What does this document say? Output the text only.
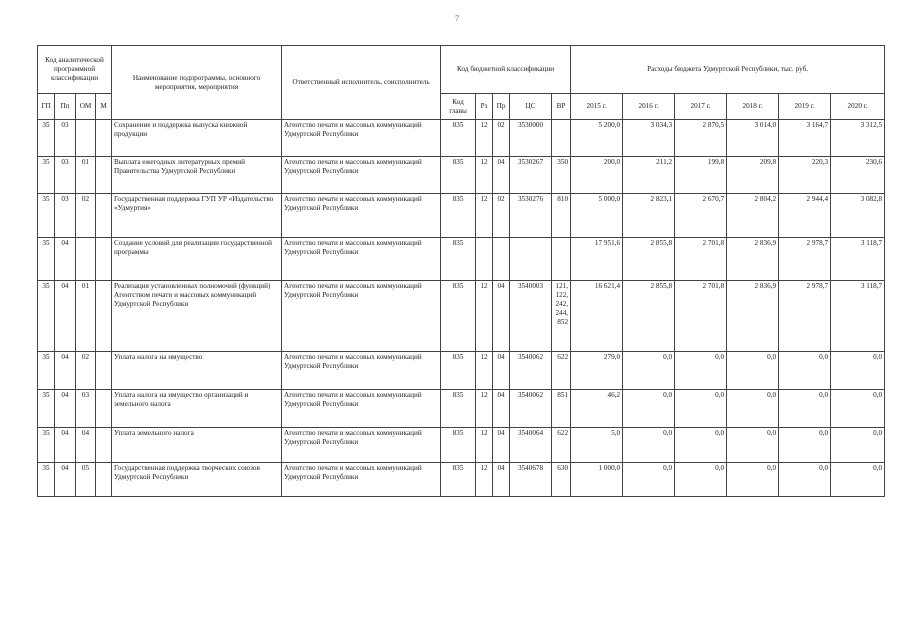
7
Код аналитической программной классификации				Наименование подпрограммы, основного мероприятия, мероприятия	Ответственный исполнитель, соисполнитель	Код бюджетной классификации					Расходы бюджета Удмуртской Республики, тыс. руб.					
ГП	Пп	ОМ	М			Код главы	Рз	Пр	ЦС	ВР	2015 г.	2016 г.	2017 г.	2018 г.	2019 г.	2020 г.
35	03			Сохранение и поддержка выпуска книжной продукции	Агентство печати и массовых коммуникаций Удмуртской Республики	835	12	02	3530000		5 200,0	3 034,3	2 870,5	3 014,0	3 164,7	3 312,5
35	03	01		Выплата ежегодных литературных премий Правительства Удмуртской Республики	Агентство печати и массовых коммуникаций Удмуртской Республики	835	12	04	3530267	350	200,0	211,2	199,8	209,8	220,3	230,6
35	03	02		Государственная поддержка ГУП УР «Издательство «Удмуртия»	Агентство печати и массовых коммуникаций Удмуртской Республики	835	12	02	3530276	810	5 000,0	2 823,1	2 670,7	2 804,2	2 944,4	3 082,8
35	04			Создание условий для реализации государственной программы	Агентство печати и массовых коммуникаций Удмуртской Республики	835					17 951,6	2 855,8	2 701,8	2 836,9	2 978,7	3 118,7
35	04	01		Реализация установленных полномочий (функций) Агентством печати и массовых коммуникаций Удмуртской Республики	Агентство печати и массовых коммуникаций Удмуртской Республики	835	12	04	3540003	121, 122, 242, 244, 852	16 621,4	2 855,8	2 701,8	2 836,9	2 978,7	3 118,7
35	04	02		Уплата налога на имущество	Агентство печати и массовых коммуникаций Удмуртской Республики	835	12	04	3540062	622	279,0	0,0	0,0	0,0	0,0	0,0
35	04	03		Уплата налога на имущество организаций и земельного налога	Агентство печати и массовых коммуникаций Удмуртской Республики	835	12	04	3540062	851	46,2	0,0	0,0	0,0	0,0	0,0
35	04	04		Уплата земельного налога	Агентство печати и массовых коммуникаций Удмуртской Республики	835	12	04	3540064	622	5,0	0,0	0,0	0,0	0,0	0,0
35	04	05		Государственная поддержка творческих союзов Удмуртской Республики	Агентство печати и массовых коммуникаций Удмуртской Республики	835	12	04	3540678	630	1 000,0	0,0	0,0	0,0	0,0	0,0
